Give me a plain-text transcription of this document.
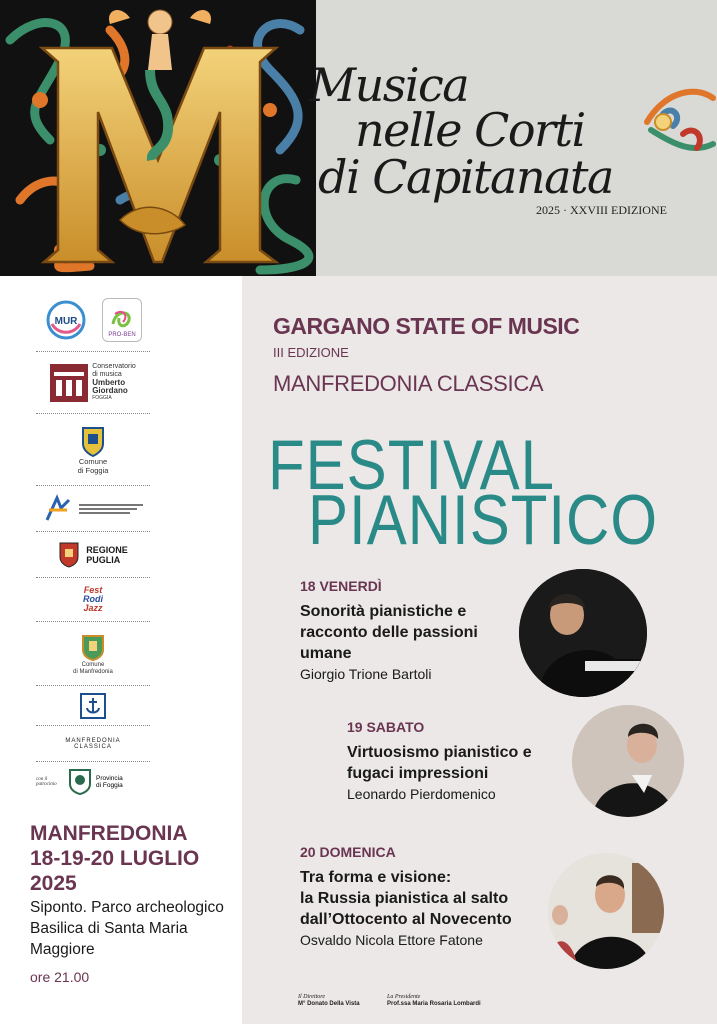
Musica
nelle Corti
di Capitanata
2025 · XXVIII EDIZIONE
MUR
PRO-BEN
Conservatorio
di musica
Umberto
Giordano
FOGGIA
Comune
di Foggia
REGIONE
PUGLIA
Fest
Rodi
Jazz
Comune
di Manfredonia
MANFREDONIA
CLASSICA
con il patrocinio
Provincia
di Foggia
MANFREDONIA
18-19-20 LUGLIO
2025
Siponto. Parco archeologico
Basilica di Santa Maria
Maggiore
ore 21.00
GARGANO STATE OF MUSIC
III EDIZIONE
MANFREDONIA CLASSICA
FESTIVAL
PIANISTICO
18 VENERDÌ
Sonorità pianistiche e
racconto delle passioni
umane
Giorgio Trione Bartoli
19 SABATO
Virtuosismo pianistico e
fugaci impressioni
Leonardo Pierdomenico
20 DOMENICA
Tra forma e visione:
la Russia pianistica al salto
dall’Ottocento al Novecento
Osvaldo Nicola Ettore Fatone
Il Direttore
M° Donato Della Vista
La Presidente
Prof.ssa Maria Rosaria Lombardi
